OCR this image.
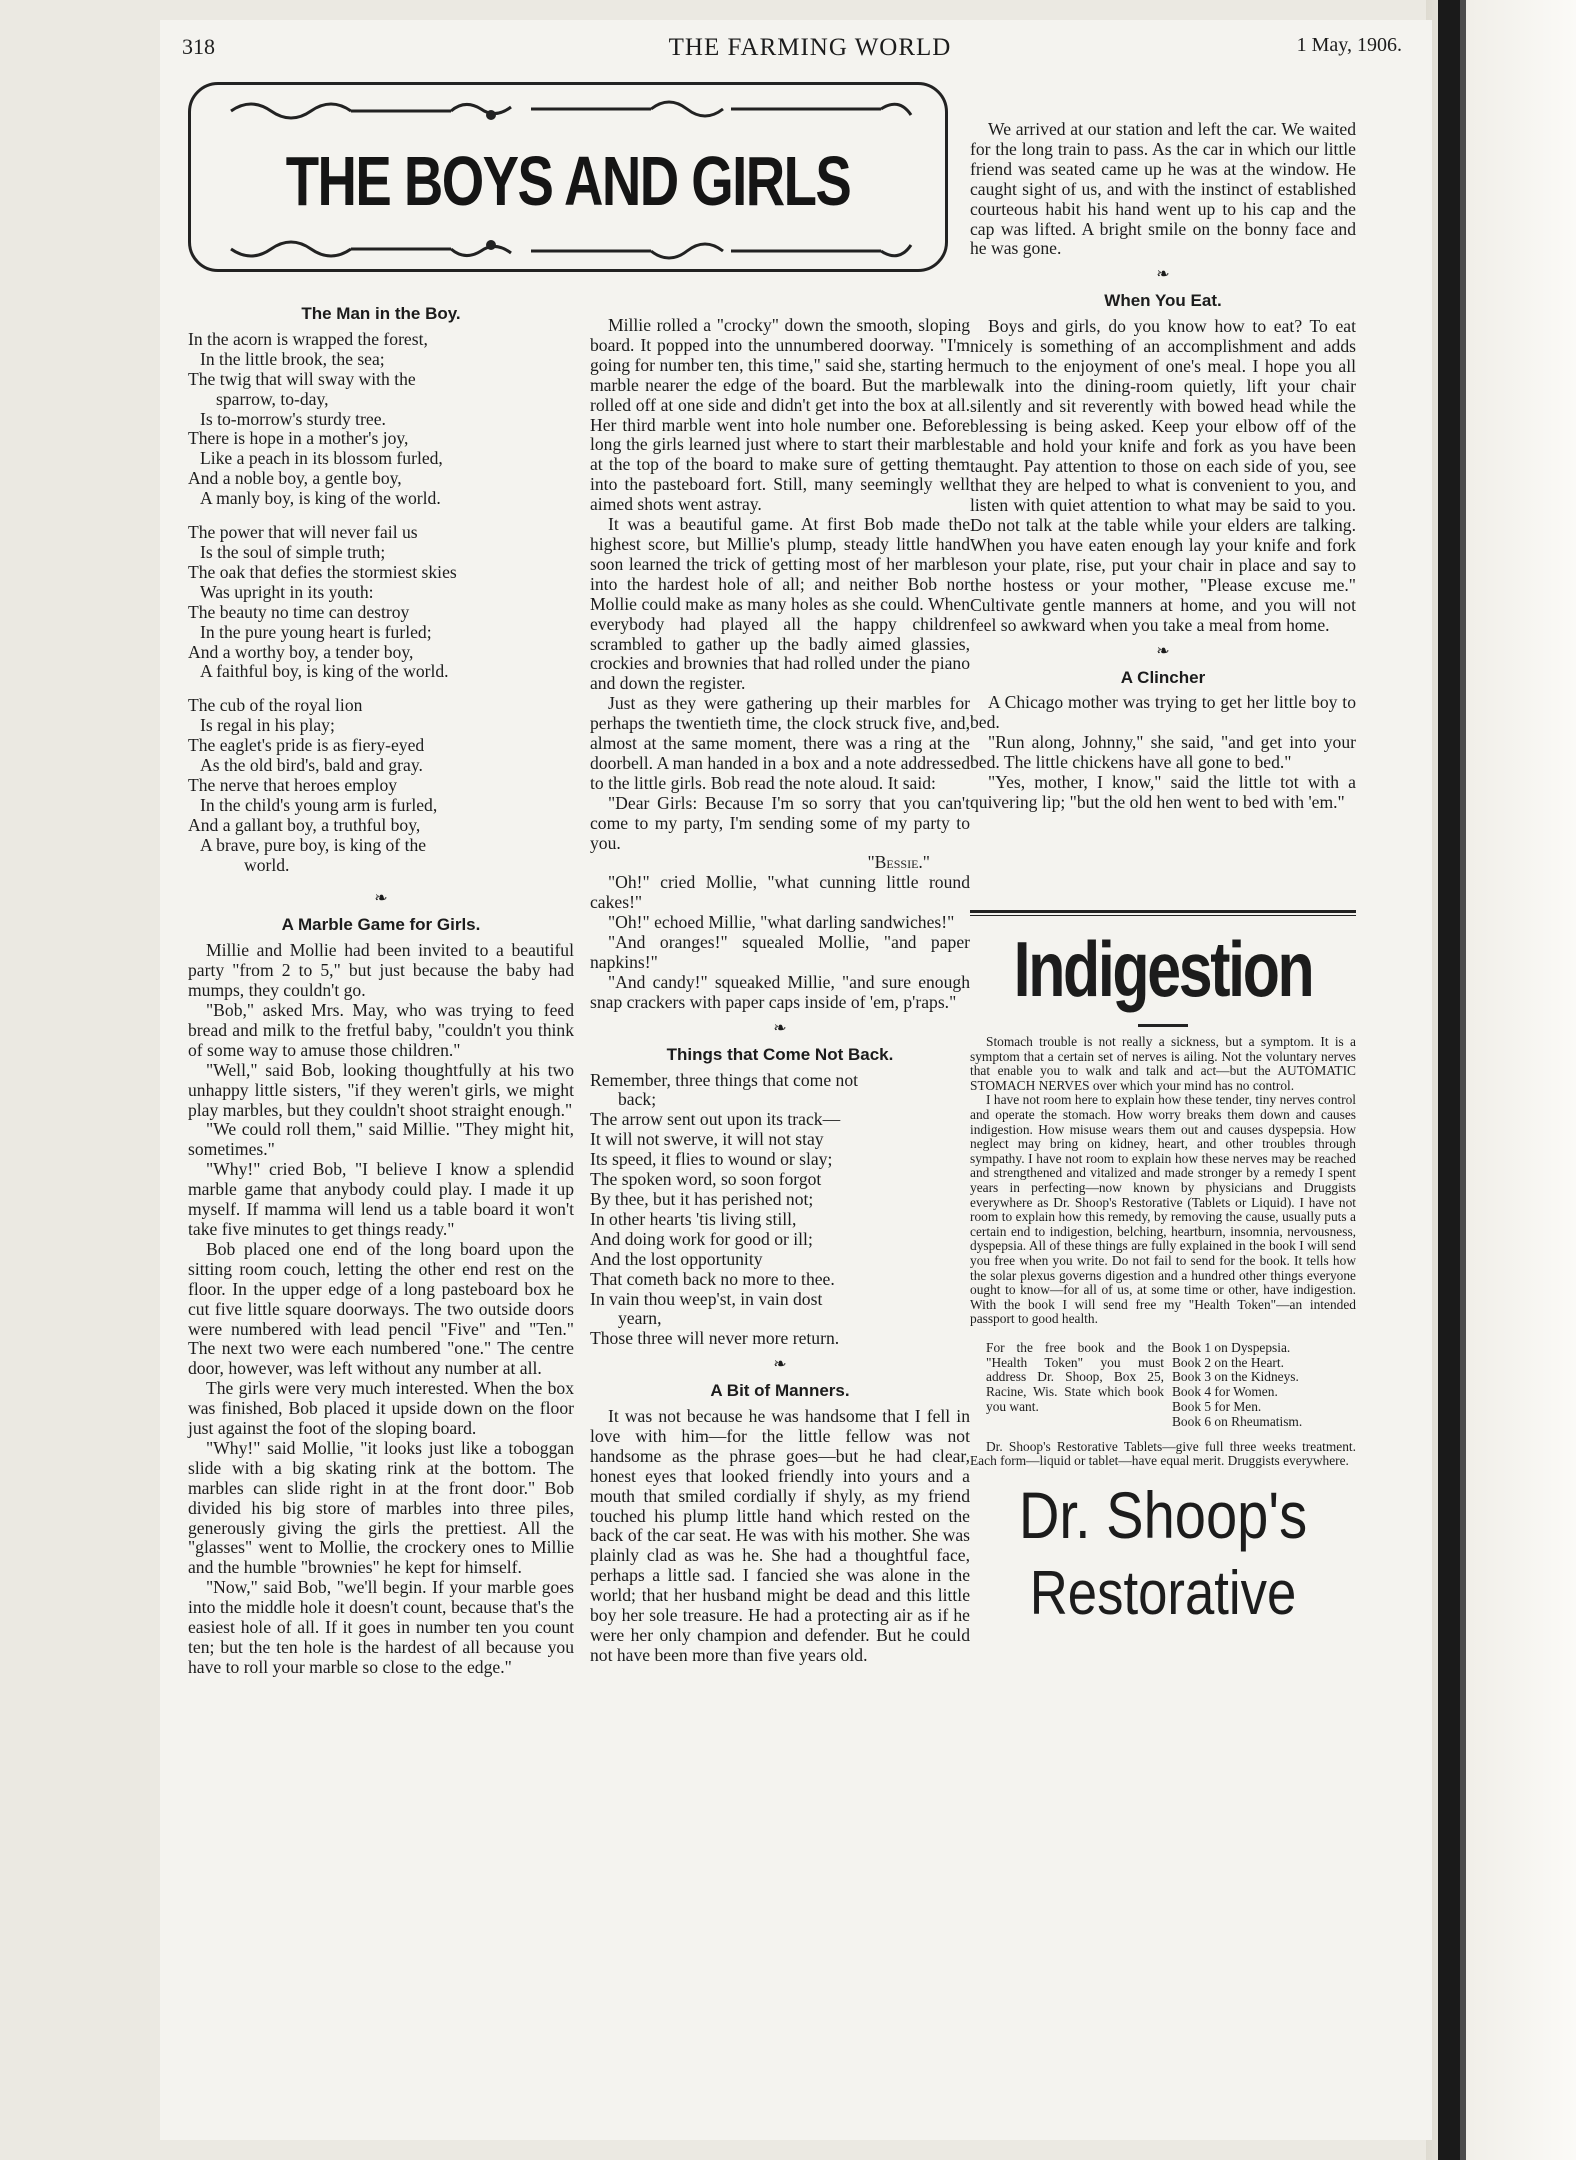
318	THE FARMING WORLD	1 May, 1906.
THE BOYS AND GIRLS
The Man in the Boy.
In the acorn is wrapped the forest,
In the little brook, the sea;
The twig that will sway with the
sparrow, to-day,
Is to-morrow's sturdy tree.
There is hope in a mother's joy,
Like a peach in its blossom furled,
And a noble boy, a gentle boy,
A manly boy, is king of the world.
The power that will never fail us
Is the soul of simple truth;
The oak that defies the stormiest skies
Was upright in its youth:
The beauty no time can destroy
In the pure young heart is furled;
And a worthy boy, a tender boy,
A faithful boy, is king of the world.
The cub of the royal lion
Is regal in his play;
The eaglet's pride is as fiery-eyed
As the old bird's, bald and gray.
The nerve that heroes employ
In the child's young arm is furled,
And a gallant boy, a truthful boy,
A brave, pure boy, is king of the
world.
❧
A Marble Game for Girls.

Millie and Mollie had been invited to a beautiful party "from 2 to 5," but just because the baby had mumps, they couldn't go.

"Bob," asked Mrs. May, who was trying to feed bread and milk to the fretful baby, "couldn't you think of some way to amuse those children."

"Well," said Bob, looking thoughtfully at his two unhappy little sisters, "if they weren't girls, we might play marbles, but they couldn't shoot straight enough."

"We could roll them," said Millie. "They might hit, sometimes."

"Why!" cried Bob, "I believe I know a splendid marble game that anybody could play. I made it up myself. If mamma will lend us a table board it won't take five minutes to get things ready."

Bob placed one end of the long board upon the sitting room couch, letting the other end rest on the floor. In the upper edge of a long pasteboard box he cut five little square doorways. The two outside doors were numbered with lead pencil "Five" and "Ten." The next two were each numbered "one." The centre door, however, was left without any number at all.

The girls were very much interested. When the box was finished, Bob placed it upside down on the floor just against the foot of the sloping board.

"Why!" said Mollie, "it looks just like a toboggan slide with a big skating rink at the bottom. The marbles can slide right in at the front door." Bob divided his big store of marbles into three piles, generously giving the girls the prettiest. All the "glasses" went to Mollie, the crockery ones to Millie and the humble "brownies" he kept for himself.

"Now," said Bob, "we'll begin. If your marble goes into the middle hole it doesn't count, because that's the easiest hole of all. If it goes in number ten you count ten; but the ten hole is the hardest of all because you have to roll your marble so close to the edge."

Millie rolled a "crocky" down the smooth, sloping board. It popped into the unnumbered doorway. "I'm going for number ten, this time," said she, starting her marble nearer the edge of the board. But the marble rolled off at one side and didn't get into the box at all. Her third marble went into hole number one. Before long the girls learned just where to start their marbles at the top of the board to make sure of getting them into the pasteboard fort. Still, many seemingly well aimed shots went astray.

It was a beautiful game. At first Bob made the highest score, but Millie's plump, steady little hand soon learned the trick of getting most of her marbles into the hardest hole of all; and neither Bob nor Mollie could make as many holes as she could. When everybody had played all the happy children scrambled to gather up the badly aimed glassies, crockies and brownies that had rolled under the piano and down the register.

Just as they were gathering up their marbles for perhaps the twentieth time, the clock struck five, and, almost at the same moment, there was a ring at the doorbell. A man handed in a box and a note addressed to the little girls. Bob read the note aloud. It said:

"Dear Girls: Because I'm so sorry that you can't come to my party, I'm sending some of my party to you.

"Bessie."

"Oh!" cried Mollie, "what cunning little round cakes!"

"Oh!" echoed Millie, "what darling sandwiches!"

"And oranges!" squealed Mollie, "and paper napkins!"

"And candy!" squeaked Millie, "and sure enough snap crackers with paper caps inside of 'em, p'raps."

❧
Things that Come Not Back.
Remember, three things that come not
back;
The arrow sent out upon its track—
It will not swerve, it will not stay
Its speed, it flies to wound or slay;
The spoken word, so soon forgot
By thee, but it has perished not;
In other hearts 'tis living still,
And doing work for good or ill;
And the lost opportunity
That cometh back no more to thee.
In vain thou weep'st, in vain dost
yearn,
Those three will never more return.
❧
A Bit of Manners.

It was not because he was handsome that I fell in love with him—for the little fellow was not handsome as the phrase goes—but he had clear, honest eyes that looked friendly into yours and a mouth that smiled cordially if shyly, as my friend touched his plump little hand which rested on the back of the car seat. He was with his mother. She was plainly clad as was he. She had a thoughtful face, perhaps a little sad. I fancied she was alone in the world; that her husband might be dead and this little boy her sole treasure. He had a protecting air as if he were her only champion and defender. But he could not have been more than five years old.

We arrived at our station and left the car. We waited for the long train to pass. As the car in which our little friend was seated came up he was at the window. He caught sight of us, and with the instinct of established courteous habit his hand went up to his cap and the cap was lifted. A bright smile on the bonny face and he was gone.

❧
When You Eat.

Boys and girls, do you know how to eat? To eat nicely is something of an accomplishment and adds much to the enjoyment of one's meal. I hope you all walk into the dining-room quietly, lift your chair silently and sit reverently with bowed head while the blessing is being asked. Keep your elbow off of the table and hold your knife and fork as you have been taught. Pay attention to those on each side of you, see that they are helped to what is convenient to you, and listen with quiet attention to what may be said to you. Do not talk at the table while your elders are talking. When you have eaten enough lay your knife and fork on your plate, rise, put your chair in place and say to the hostess or your mother, "Please excuse me." Cultivate gentle manners at home, and you will not feel so awkward when you take a meal from home.

❧
A Clincher

A Chicago mother was trying to get her little boy to bed.

"Run along, Johnny," she said, "and get into your bed. The little chickens have all gone to bed."

"Yes, mother, I know," said the little tot with a quivering lip; "but the old hen went to bed with 'em."

Indigestion

Stomach trouble is not really a sickness, but a symptom. It is a symptom that a certain set of nerves is ailing. Not the voluntary nerves that enable you to walk and talk and act—but the AUTOMATIC STOMACH NERVES over which your mind has no control.

I have not room here to explain how these tender, tiny nerves control and operate the stomach. How worry breaks them down and causes indigestion. How misuse wears them out and causes dyspepsia. How neglect may bring on kidney, heart, and other troubles through sympathy. I have not room to explain how these nerves may be reached and strengthened and vitalized and made stronger by a remedy I spent years in perfecting—now known by physicians and Druggists everywhere as Dr. Shoop's Restorative (Tablets or Liquid). I have not room to explain how this remedy, by removing the cause, usually puts a certain end to indigestion, belching, heartburn, insomnia, nervousness, dyspepsia. All of these things are fully explained in the book I will send you free when you write. Do not fail to send for the book. It tells how the solar plexus governs digestion and a hundred other things everyone ought to know—for all of us, at some time or other, have indigestion. With the book I will send free my "Health Token"—an intended passport to good health.

For the free book and the "Health Token" you must address Dr. Shoop, Box 25, Racine, Wis. State which book you want.
Book 1 on Dyspepsia.
Book 2 on the Heart.
Book 3 on the Kidneys.
Book 4 for Women.
Book 5 for Men.
Book 6 on Rheumatism.

Dr. Shoop's Restorative Tablets—give full three weeks treatment. Each form—liquid or tablet—have equal merit. Druggists everywhere.

Dr. Shoop's
Restorative
